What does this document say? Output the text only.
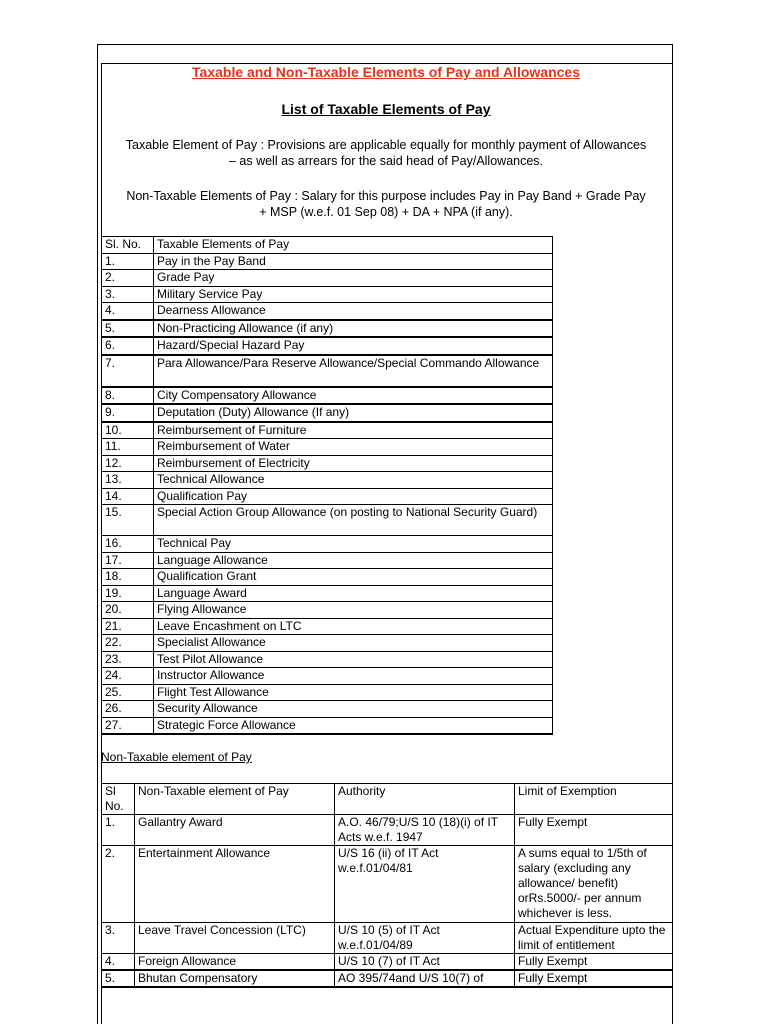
Taxable and Non-Taxable Elements of Pay and Allowances
List of Taxable Elements of Pay
Taxable Element of Pay : Provisions are applicable equally for monthly payment of Allowances
– as well as arrears for the said head of Pay/Allowances.
Non-Taxable Elements of Pay : Salary for this purpose includes Pay in Pay Band + Grade Pay
+ MSP (w.e.f. 01 Sep 08) + DA + NPA (if any).
Sl. No.	Taxable Elements of Pay
1.	Pay in the Pay Band
2.	Grade Pay
3.	Military Service Pay
4.	Dearness Allowance
5.	Non-Practicing Allowance (if any)
6.	Hazard/Special Hazard Pay
7.	Para Allowance/Para Reserve Allowance/Special Commando Allowance
8.	City Compensatory Allowance
9.	Deputation (Duty) Allowance (If any)
10.	Reimbursement of Furniture
11.	Reimbursement of Water
12.	Reimbursement of Electricity
13.	Technical Allowance
14.	Qualification Pay
15.	Special Action Group Allowance (on posting to National Security Guard)
16.	Technical Pay
17.	Language Allowance
18.	Qualification Grant
19.	Language Award
20.	Flying Allowance
21.	Leave Encashment on LTC
22.	Specialist Allowance
23.	Test Pilot Allowance
24.	Instructor Allowance
25.	Flight Test Allowance
26.	Security Allowance
27.	Strategic Force Allowance
Non-Taxable element of Pay
Sl No.	Non-Taxable element of Pay	Authority	Limit of Exemption
1.	Gallantry Award	A.O. 46/79;U/S 10 (18)(i) of IT Acts w.e.f. 1947	Fully Exempt
2.	Entertainment Allowance	U/S 16 (ii) of IT Act w.e.f.01/04/81	A sums equal to 1/5th of salary (excluding any allowance/ benefit) orRs.5000/- per annum whichever is less.
3.	Leave Travel Concession (LTC)	U/S 10 (5) of IT Act w.e.f.01/04/89	Actual Expenditure upto the limit of entitlement
4.	Foreign Allowance	U/S 10 (7) of IT Act	Fully Exempt
5.	Bhutan Compensatory	AO 395/74and U/S 10(7) of	Fully Exempt
